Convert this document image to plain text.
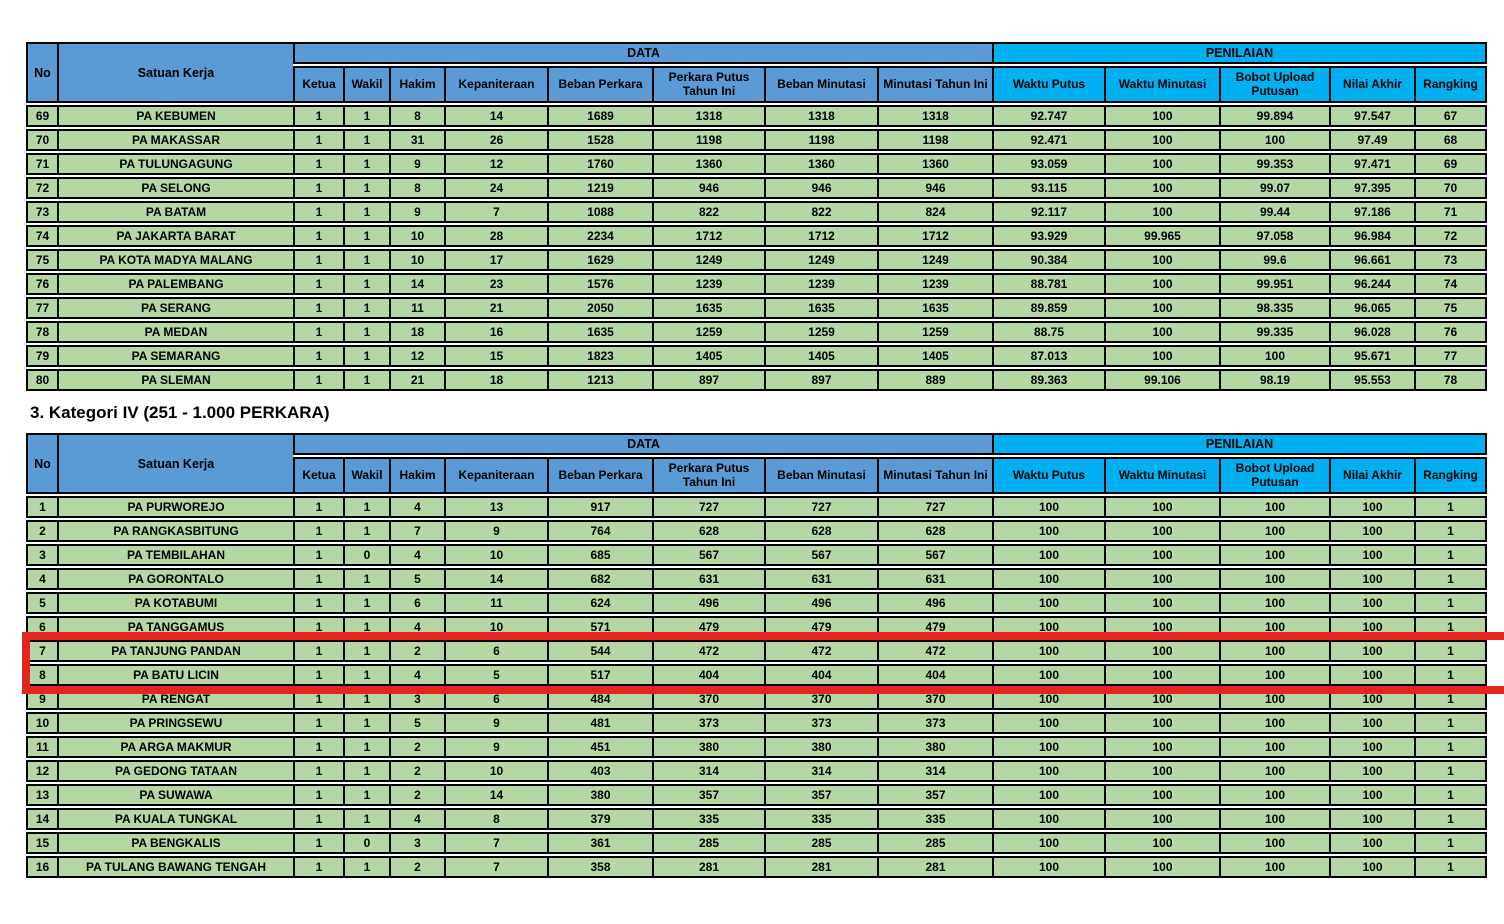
No	Satuan Kerja	DATA								PENILAIAN				
		Ketua	Wakil	Hakim	Kepaniteraan	Beban Perkara	Perkara Putus Tahun Ini	Beban Minutasi	Minutasi Tahun Ini	Waktu Putus	Waktu Minutasi	Bobot Upload Putusan	Nilai Akhir	Rangking
69	PA KEBUMEN	1	1	8	14	1689	1318	1318	1318	92.747	100	99.894	97.547	67
70	PA MAKASSAR	1	1	31	26	1528	1198	1198	1198	92.471	100	100	97.49	68
71	PA TULUNGAGUNG	1	1	9	12	1760	1360	1360	1360	93.059	100	99.353	97.471	69
72	PA SELONG	1	1	8	24	1219	946	946	946	93.115	100	99.07	97.395	70
73	PA BATAM	1	1	9	7	1088	822	822	824	92.117	100	99.44	97.186	71
74	PA JAKARTA BARAT	1	1	10	28	2234	1712	1712	1712	93.929	99.965	97.058	96.984	72
75	PA KOTA MADYA MALANG	1	1	10	17	1629	1249	1249	1249	90.384	100	99.6	96.661	73
76	PA PALEMBANG	1	1	14	23	1576	1239	1239	1239	88.781	100	99.951	96.244	74
77	PA SERANG	1	1	11	21	2050	1635	1635	1635	89.859	100	98.335	96.065	75
78	PA MEDAN	1	1	18	16	1635	1259	1259	1259	88.75	100	99.335	96.028	76
79	PA SEMARANG	1	1	12	15	1823	1405	1405	1405	87.013	100	100	95.671	77
80	PA SLEMAN	1	1	21	18	1213	897	897	889	89.363	99.106	98.19	95.553	78
3. Kategori IV (251 - 1.000 PERKARA)
No	Satuan Kerja	DATA								PENILAIAN				
		Ketua	Wakil	Hakim	Kepaniteraan	Beban Perkara	Perkara Putus Tahun Ini	Beban Minutasi	Minutasi Tahun Ini	Waktu Putus	Waktu Minutasi	Bobot Upload Putusan	Nilai Akhir	Rangking
1	PA PURWOREJO	1	1	4	13	917	727	727	727	100	100	100	100	1
2	PA RANGKASBITUNG	1	1	7	9	764	628	628	628	100	100	100	100	1
3	PA TEMBILAHAN	1	0	4	10	685	567	567	567	100	100	100	100	1
4	PA GORONTALO	1	1	5	14	682	631	631	631	100	100	100	100	1
5	PA KOTABUMI	1	1	6	11	624	496	496	496	100	100	100	100	1
6	PA TANGGAMUS	1	1	4	10	571	479	479	479	100	100	100	100	1
7	PA TANJUNG PANDAN	1	1	2	6	544	472	472	472	100	100	100	100	1
8	PA BATU LICIN	1	1	4	5	517	404	404	404	100	100	100	100	1
9	PA RENGAT	1	1	3	6	484	370	370	370	100	100	100	100	1
10	PA PRINGSEWU	1	1	5	9	481	373	373	373	100	100	100	100	1
11	PA ARGA MAKMUR	1	1	2	9	451	380	380	380	100	100	100	100	1
12	PA GEDONG TATAAN	1	1	2	10	403	314	314	314	100	100	100	100	1
13	PA SUWAWA	1	1	2	14	380	357	357	357	100	100	100	100	1
14	PA KUALA TUNGKAL	1	1	4	8	379	335	335	335	100	100	100	100	1
15	PA BENGKALIS	1	0	3	7	361	285	285	285	100	100	100	100	1
16	PA TULANG BAWANG TENGAH	1	1	2	7	358	281	281	281	100	100	100	100	1
